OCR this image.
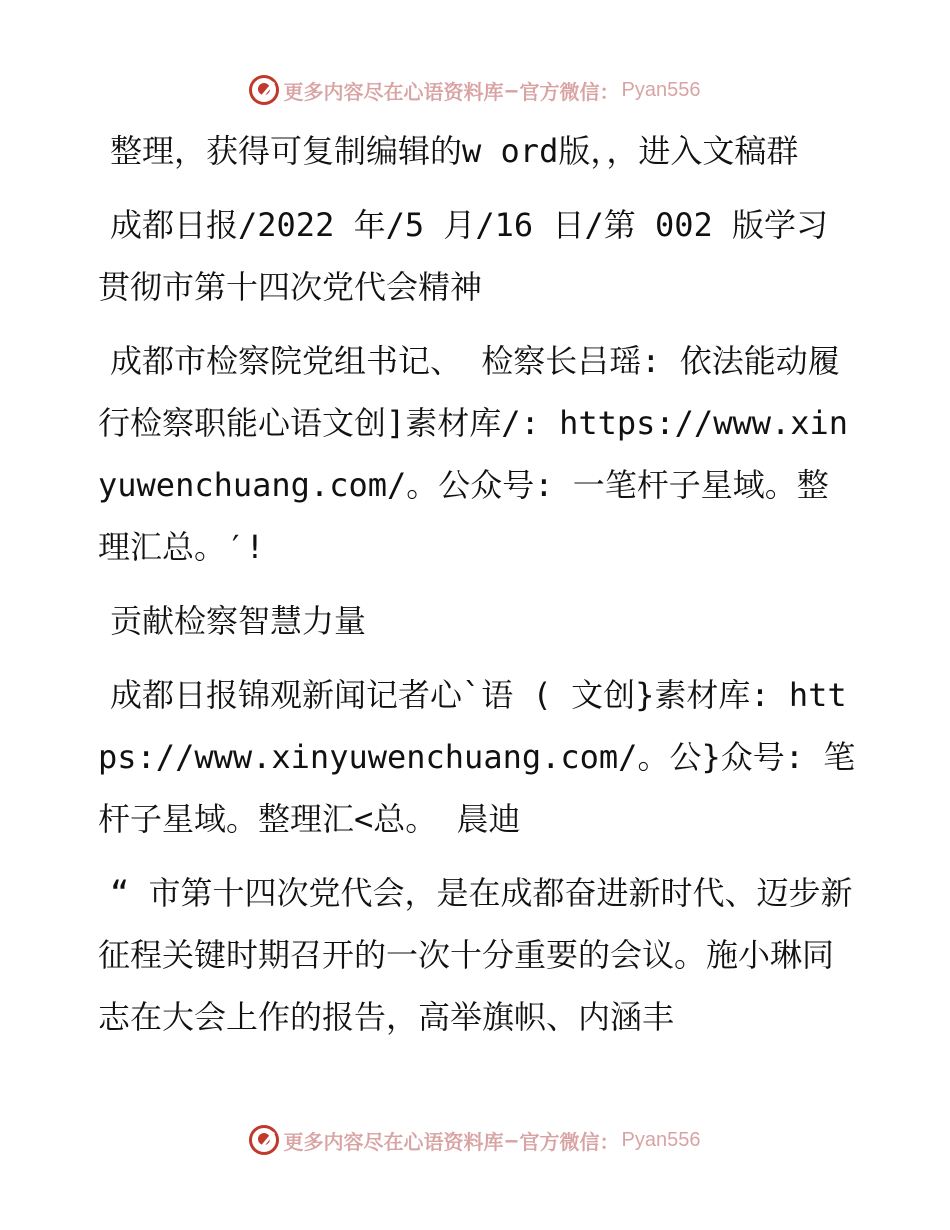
更多内容尽在心语资料库 — 官方微信： Pyan556

整理，获得可复制编辑的w ord版，，进入文稿群

成都日报/2022 年/5 月/16 日/第 002 版学习贯彻市第十四次党代会精神

成都市检察院党组书记、 检察长吕瑶: 依法能动履行检察职能心语文创]素材库/: https://www.xinyuwenchuang.com/。公众号: 一笔杆子星域。整理汇总。′!

贡献检察智慧力量

成都日报锦观新闻记者心`语 ( 文创}素材库: https://www.xinyuwenchuang.com/。公}众号: 笔杆子星域。整理汇<总。 晨迪

“ 市第十四次党代会，是在成都奋进新时代、迈步新征程关键时期召开的一次十分重要的会议。施小琳同志在大会上作的报告，高举旗帜、内涵丰

更多内容尽在心语资料库 — 官方微信： Pyan556
